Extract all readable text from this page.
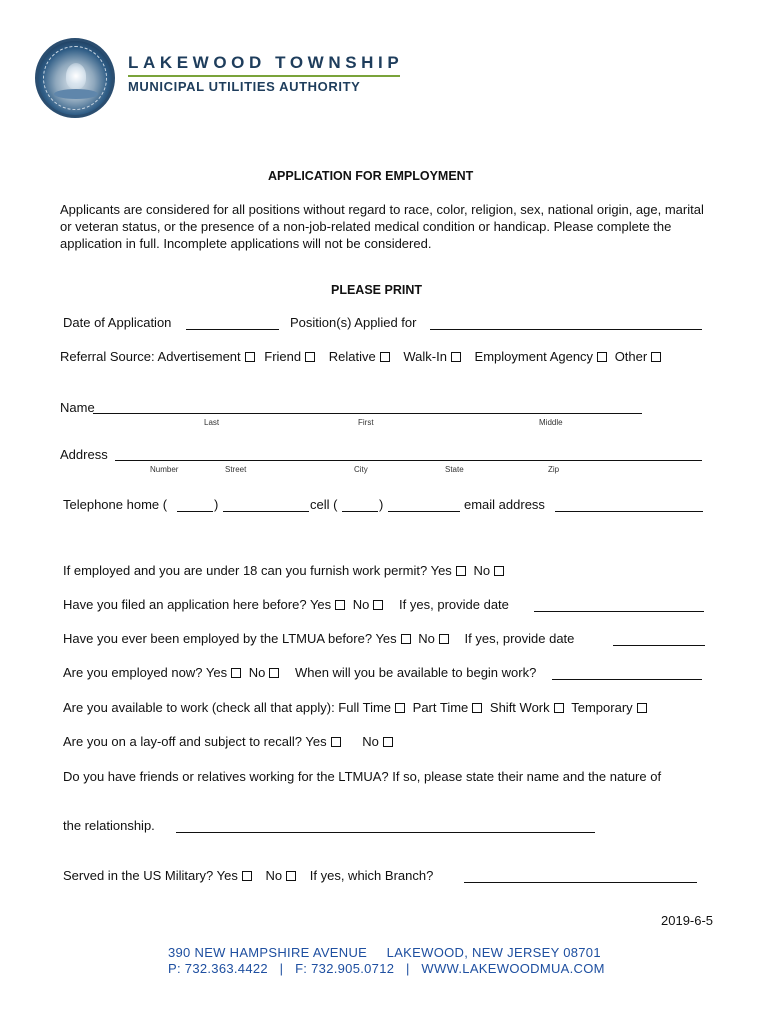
LAKEWOOD TOWNSHIP
MUNICIPAL UTILITIES AUTHORITY
APPLICATION FOR EMPLOYMENT
Applicants are considered for all positions without regard to race, color, religion, sex, national origin, age, marital or veteran status, or the presence of a non-job-related medical condition or handicap. Please complete the application in full. Incomplete applications will not be considered.
PLEASE PRINT
Date of Application	Position(s) Applied for
Referral Source: Advertisement Friend Relative Walk-In Employment Agency Other
Name
Last	First	Middle
Address
Number	Street	City	State	Zip
Telephone home (	)	cell (	)	email address
If employed and you are under 18 can you furnish work permit? Yes No
Have you filed an application here before? Yes No If yes, provide date
Have you ever been employed by the LTMUA before? Yes No If yes, provide date
Are you employed now? Yes No When will you be available to begin work?
Are you available to work (check all that apply): Full Time Part Time Shift Work Temporary
Are you on a lay-off and subject to recall? Yes	No
Do you have friends or relatives working for the LTMUA? If so, please state their name and the nature of
the relationship.
Served in the US Military? Yes No If yes, which Branch?
2019-6-5
390 NEW HAMPSHIRE AVENUE     LAKEWOOD, NEW JERSEY 08701
P: 732.363.4422   |   F: 732.905.0712   |   WWW.LAKEWOODMUA.COM
